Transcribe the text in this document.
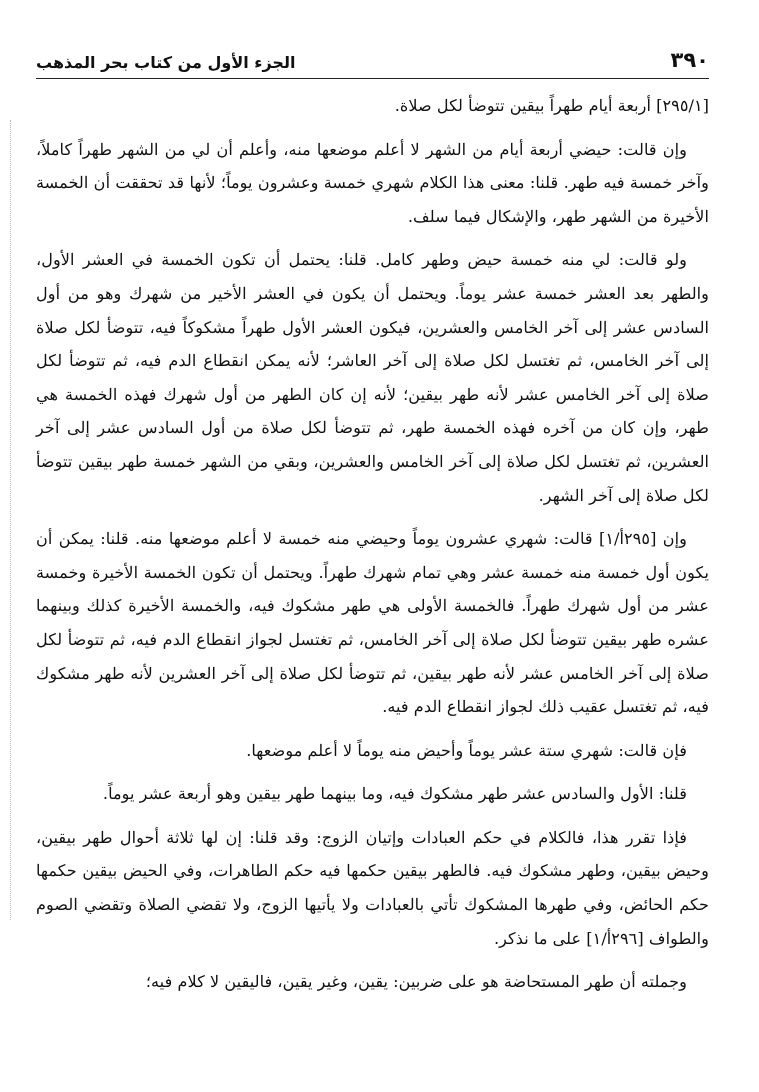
٣٩٠
الجزء الأول من كتاب بحر المذهب

[٢٩٥/١] أربعة أيام طهراً بيقين تتوضأ لكل صلاة.

وإن قالت: حيضي أربعة أيام من الشهر لا أعلم موضعها منه، وأعلم أن لي من الشهر طهراً كاملاً، وآخر خمسة فيه طهر. قلنا: معنى هذا الكلام شهري خمسة وعشرون يوماً؛ لأنها قد تحققت أن الخمسة الأخيرة من الشهر طهر، والإشكال فيما سلف.

ولو قالت: لي منه خمسة حيض وطهر كامل. قلنا: يحتمل أن تكون الخمسة في العشر الأول، والطهر بعد العشر خمسة عشر يوماً. ويحتمل أن يكون في العشر الأخير من شهرك وهو من أول السادس عشر إلى آخر الخامس والعشرين، فيكون العشر الأول طهراً مشكوكاً فيه، تتوضأ لكل صلاة إلى آخر الخامس، ثم تغتسل لكل صلاة إلى آخر العاشر؛ لأنه يمكن انقطاع الدم فيه، ثم تتوضأ لكل صلاة إلى آخر الخامس عشر لأنه طهر بيقين؛ لأنه إن كان الطهر من أول شهرك فهذه الخمسة هي طهر، وإن كان من آخره فهذه الخمسة طهر، ثم تتوضأ لكل صلاة من أول السادس عشر إلى آخر العشرين، ثم تغتسل لكل صلاة إلى آخر الخامس والعشرين، وبقي من الشهر خمسة طهر بيقين تتوضأ لكل صلاة إلى آخر الشهر.

وإن [٢٩٥أ/١] قالت: شهري عشرون يوماً وحيضي منه خمسة لا أعلم موضعها منه. قلنا: يمكن أن يكون أول خمسة منه خمسة عشر وهي تمام شهرك طهراً. ويحتمل أن تكون الخمسة الأخيرة وخمسة عشر من أول شهرك طهراً. فالخمسة الأولى هي طهر مشكوك فيه، والخمسة الأخيرة كذلك وبينهما عشره طهر بيقين تتوضأ لكل صلاة إلى آخر الخامس، ثم تغتسل لجواز انقطاع الدم فيه، ثم تتوضأ لكل صلاة إلى آخر الخامس عشر لأنه طهر بيقين، ثم تتوضأ لكل صلاة إلى آخر العشرين لأنه طهر مشكوك فيه، ثم تغتسل عقيب ذلك لجواز انقطاع الدم فيه.

فإن قالت: شهري ستة عشر يوماً وأحيض منه يوماً لا أعلم موضعها.

قلنا: الأول والسادس عشر طهر مشكوك فيه، وما بينهما طهر بيقين وهو أربعة عشر يوماً.

فإذا تقرر هذا، فالكلام في حكم العبادات وإتيان الزوج: وقد قلنا: إن لها ثلاثة أحوال طهر بيقين، وحيض بيقين، وطهر مشكوك فيه. فالطهر بيقين حكمها فيه حكم الطاهرات، وفي الحيض بيقين حكمها حكم الحائض، وفي طهرها المشكوك تأتي بالعبادات ولا يأتيها الزوج، ولا تقضي الصلاة وتقضي الصوم والطواف [٢٩٦أ/١] على ما نذكر.

وجملته أن طهر المستحاضة هو على ضربين: يقين، وغير يقين، فاليقين لا كلام فيه؛
